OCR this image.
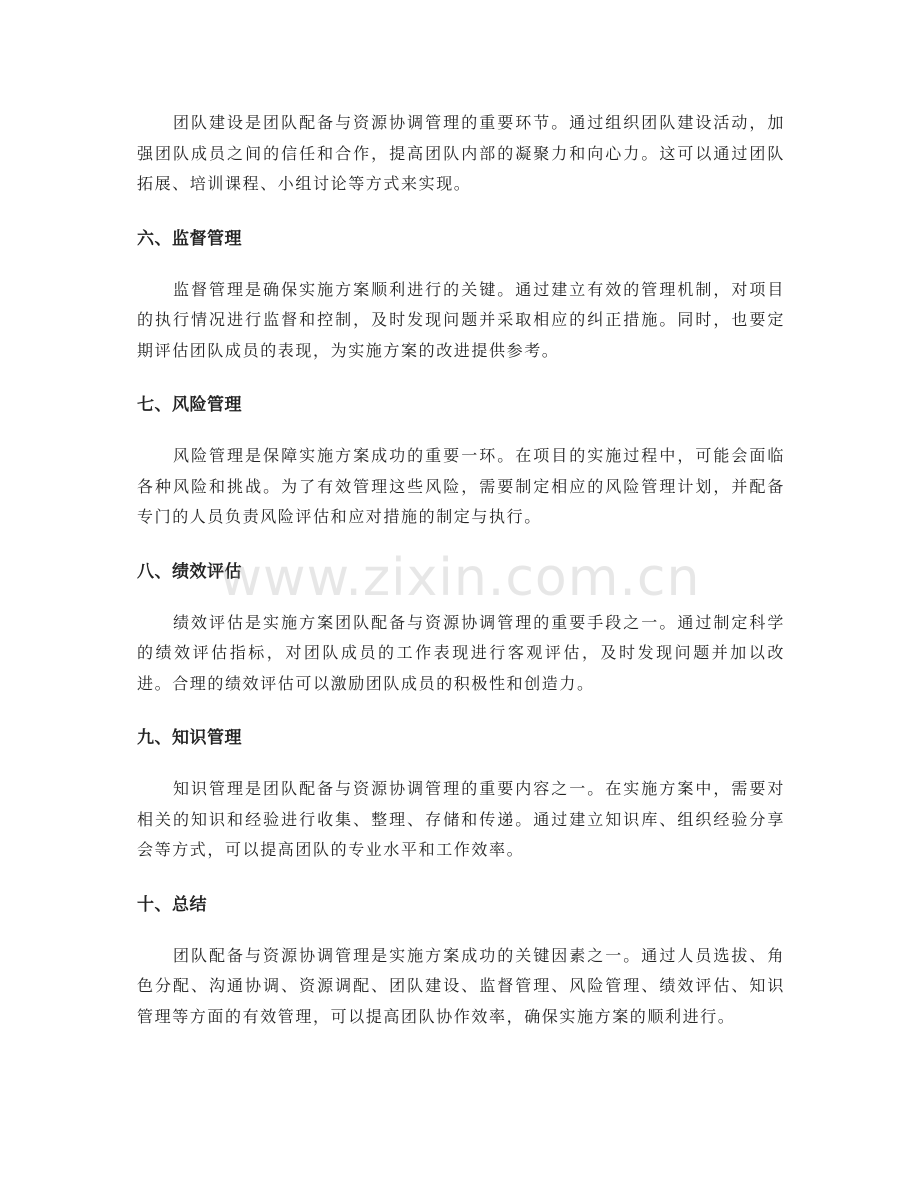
团队建设是团队配备与资源协调管理的重要环节。通过组织团队建设活动，加强团队成员之间的信任和合作，提高团队内部的凝聚力和向心力。这可以通过团队拓展、培训课程、小组讨论等方式来实现。

六、监督管理

监督管理是确保实施方案顺利进行的关键。通过建立有效的管理机制，对项目的执行情况进行监督和控制，及时发现问题并采取相应的纠正措施。同时，也要定期评估团队成员的表现，为实施方案的改进提供参考。

七、风险管理

风险管理是保障实施方案成功的重要一环。在项目的实施过程中，可能会面临各种风险和挑战。为了有效管理这些风险，需要制定相应的风险管理计划，并配备专门的人员负责风险评估和应对措施的制定与执行。

八、绩效评估

绩效评估是实施方案团队配备与资源协调管理的重要手段之一。通过制定科学的绩效评估指标，对团队成员的工作表现进行客观评估，及时发现问题并加以改进。合理的绩效评估可以激励团队成员的积极性和创造力。

九、知识管理

知识管理是团队配备与资源协调管理的重要内容之一。在实施方案中，需要对相关的知识和经验进行收集、整理、存储和传递。通过建立知识库、组织经验分享会等方式，可以提高团队的专业水平和工作效率。

十、总结

团队配备与资源协调管理是实施方案成功的关键因素之一。通过人员选拔、角色分配、沟通协调、资源调配、团队建设、监督管理、风险管理、绩效评估、知识管理等方面的有效管理，可以提高团队协作效率，确保实施方案的顺利进行。

www.zixin.com.cn
